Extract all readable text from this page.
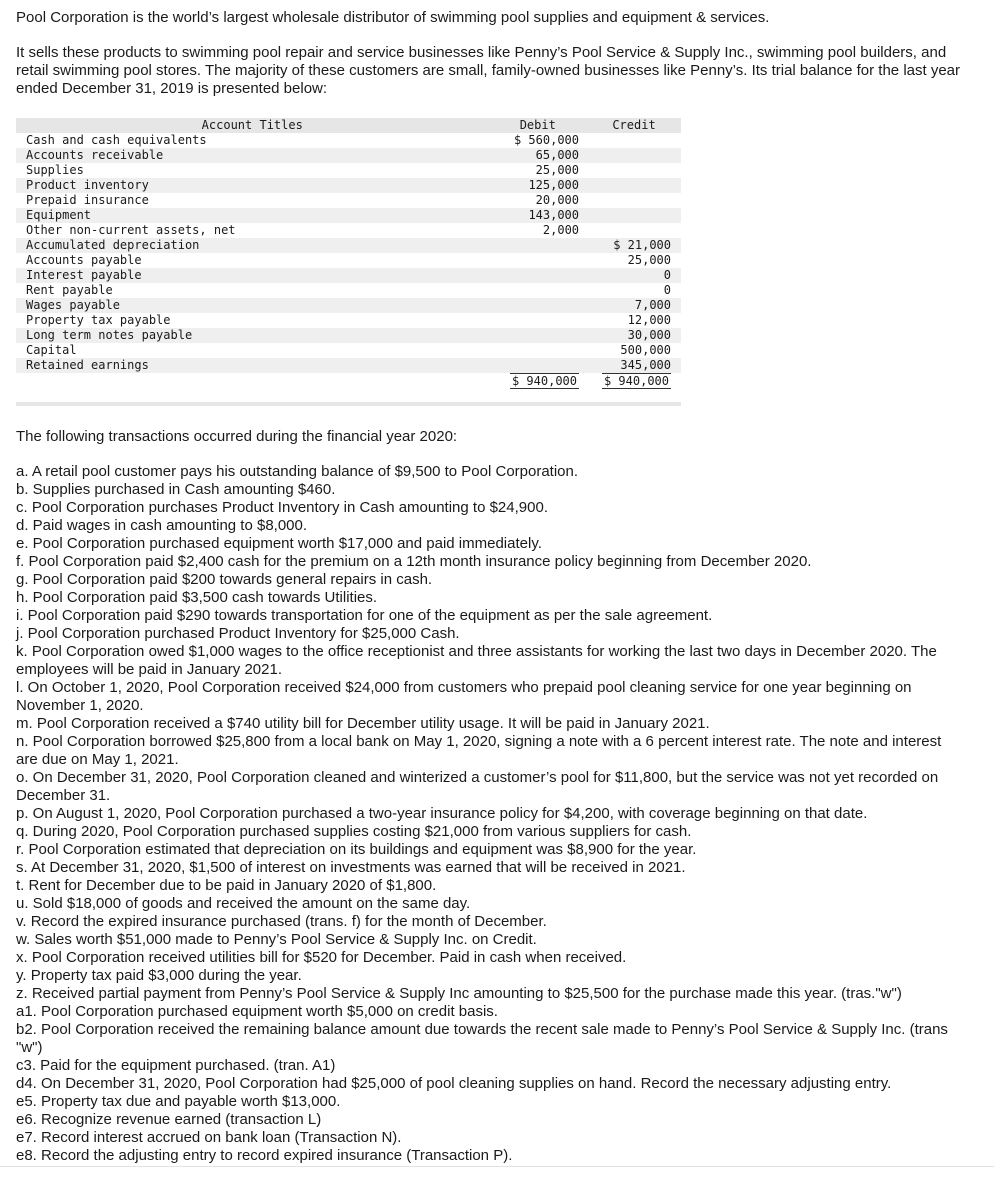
Pool Corporation is the world’s largest wholesale distributor of swimming pool supplies and equipment & services.

It sells these products to swimming pool repair and service businesses like Penny’s Pool Service & Supply Inc., swimming pool builders, and retail swimming pool stores. The majority of these customers are small, family-owned businesses like Penny’s. Its trial balance for the last year ended December 31, 2019 is presented below:

Account Titles	Debit	Credit
Cash and cash equivalents	$ 560,000	
Accounts receivable	65,000	
Supplies	25,000	
Product inventory	125,000	
Prepaid insurance	20,000	
Equipment	143,000	
Other non-current assets, net	2,000	
Accumulated depreciation		$ 21,000
Accounts payable		25,000
Interest payable		0
Rent payable		0
Wages payable		7,000
Property tax payable		12,000
Long term notes payable		30,000
Capital		500,000
Retained earnings		345,000
	$ 940,000	$ 940,000

The following transactions occurred during the financial year 2020:

a. A retail pool customer pays his outstanding balance of $9,500 to Pool Corporation.
b. Supplies purchased in Cash amounting $460.
c. Pool Corporation purchases Product Inventory in Cash amounting to $24,900.
d. Paid wages in cash amounting to $8,000.
e. Pool Corporation purchased equipment worth $17,000 and paid immediately.
f. Pool Corporation paid $2,400 cash for the premium on a 12th month insurance policy beginning from December 2020.
g. Pool Corporation paid $200 towards general repairs in cash.
h. Pool Corporation paid $3,500 cash towards Utilities.
i. Pool Corporation paid $290 towards transportation for one of the equipment as per the sale agreement.
j. Pool Corporation purchased Product Inventory for $25,000 Cash.
k. Pool Corporation owed $1,000 wages to the office receptionist and three assistants for working the last two days in December 2020. The employees will be paid in January 2021.
l. On October 1, 2020, Pool Corporation received $24,000 from customers who prepaid pool cleaning service for one year beginning on November 1, 2020.
m. Pool Corporation received a $740 utility bill for December utility usage. It will be paid in January 2021.
n. Pool Corporation borrowed $25,800 from a local bank on May 1, 2020, signing a note with a 6 percent interest rate. The note and interest are due on May 1, 2021.
o. On December 31, 2020, Pool Corporation cleaned and winterized a customer’s pool for $11,800, but the service was not yet recorded on December 31.
p. On August 1, 2020, Pool Corporation purchased a two-year insurance policy for $4,200, with coverage beginning on that date.
q. During 2020, Pool Corporation purchased supplies costing $21,000 from various suppliers for cash.
r. Pool Corporation estimated that depreciation on its buildings and equipment was $8,900 for the year.
s. At December 31, 2020, $1,500 of interest on investments was earned that will be received in 2021.
t. Rent for December due to be paid in January 2020 of $1,800.
u. Sold $18,000 of goods and received the amount on the same day.
v. Record the expired insurance purchased (trans. f) for the month of December.
w. Sales worth $51,000 made to Penny’s Pool Service & Supply Inc. on Credit.
x. Pool Corporation received utilities bill for $520 for December. Paid in cash when received.
y. Property tax paid $3,000 during the year.
z. Received partial payment from Penny’s Pool Service & Supply Inc amounting to $25,500 for the purchase made this year. (tras."w")
a1. Pool Corporation purchased equipment worth $5,000 on credit basis.
b2. Pool Corporation received the remaining balance amount due towards the recent sale made to Penny’s Pool Service & Supply Inc. (trans "w")
c3. Paid for the equipment purchased. (tran. A1)
d4. On December 31, 2020, Pool Corporation had $25,000 of pool cleaning supplies on hand. Record the necessary adjusting entry.
e5. Property tax due and payable worth $13,000.
e6. Recognize revenue earned (transaction L)
e7. Record interest accrued on bank loan (Transaction N).
e8. Record the adjusting entry to record expired insurance (Transaction P).
